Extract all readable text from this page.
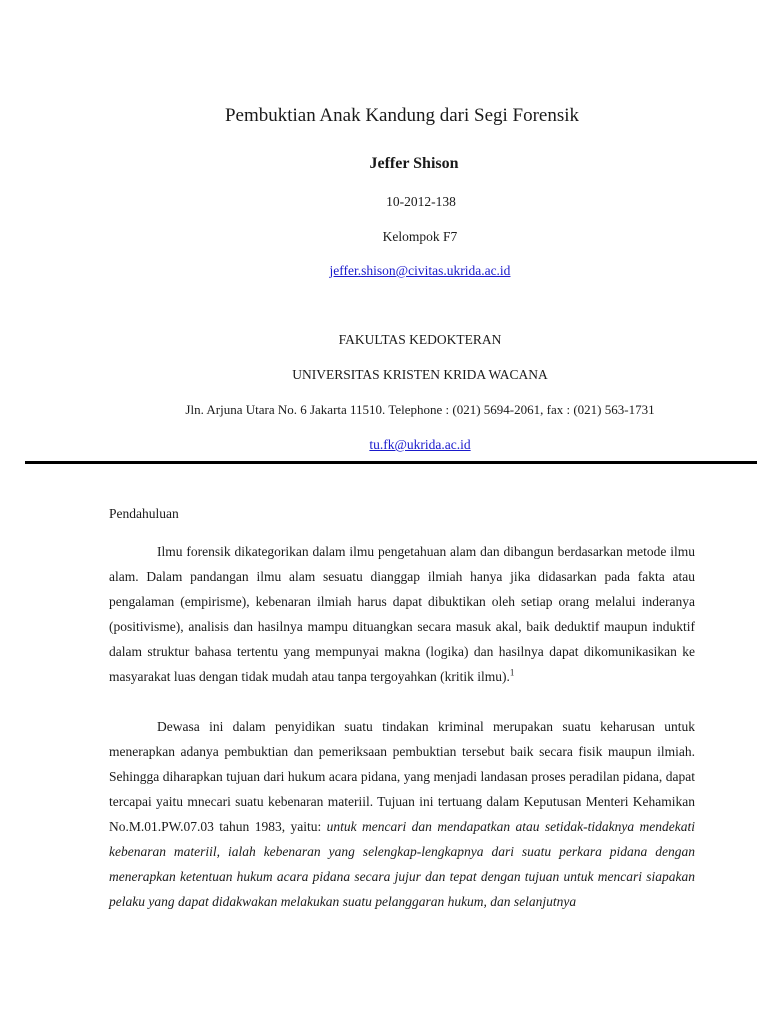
Pembuktian Anak Kandung dari Segi Forensik
Jeffer Shison
10-2012-138
Kelompok F7
jeffer.shison@civitas.ukrida.ac.id
FAKULTAS KEDOKTERAN
UNIVERSITAS KRISTEN KRIDA WACANA
Jln. Arjuna Utara No. 6 Jakarta 11510. Telephone : (021) 5694-2061, fax : (021) 563-1731
tu.fk@ukrida.ac.id
Pendahuluan

Ilmu forensik dikategorikan dalam ilmu pengetahuan alam dan dibangun berdasarkan metode ilmu alam. Dalam pandangan ilmu alam sesuatu dianggap ilmiah hanya jika didasarkan pada fakta atau pengalaman (empirisme), kebenaran ilmiah harus dapat dibuktikan oleh setiap orang melalui inderanya (positivisme), analisis dan hasilnya mampu dituangkan secara masuk akal, baik deduktif maupun induktif dalam struktur bahasa tertentu yang mempunyai makna (logika) dan hasilnya dapat dikomunikasikan ke masyarakat luas dengan tidak mudah atau tanpa tergoyahkan (kritik ilmu).$^1$

Dewasa ini dalam penyidikan suatu tindakan kriminal merupakan suatu keharusan untuk menerapkan adanya pembuktian dan pemeriksaan pembuktian tersebut baik secara fisik maupun ilmiah. Sehingga diharapkan tujuan dari hukum acara pidana, yang menjadi landasan proses peradilan pidana, dapat tercapai yaitu mnecari suatu kebenaran materiil. Tujuan ini tertuang dalam Keputusan Menteri Kehamikan No.M.01.PW.07.03 tahun 1983, yaitu: untuk mencari dan mendapatkan atau setidak-tidaknya mendekati kebenaran materiil, ialah kebenaran yang selengkap-lengkapnya dari suatu perkara pidana dengan menerapkan ketentuan hukum acara pidana secara jujur dan tepat dengan tujuan untuk mencari siapakan pelaku yang dapat didakwakan melakukan suatu pelanggaran hukum, dan selanjutnya
